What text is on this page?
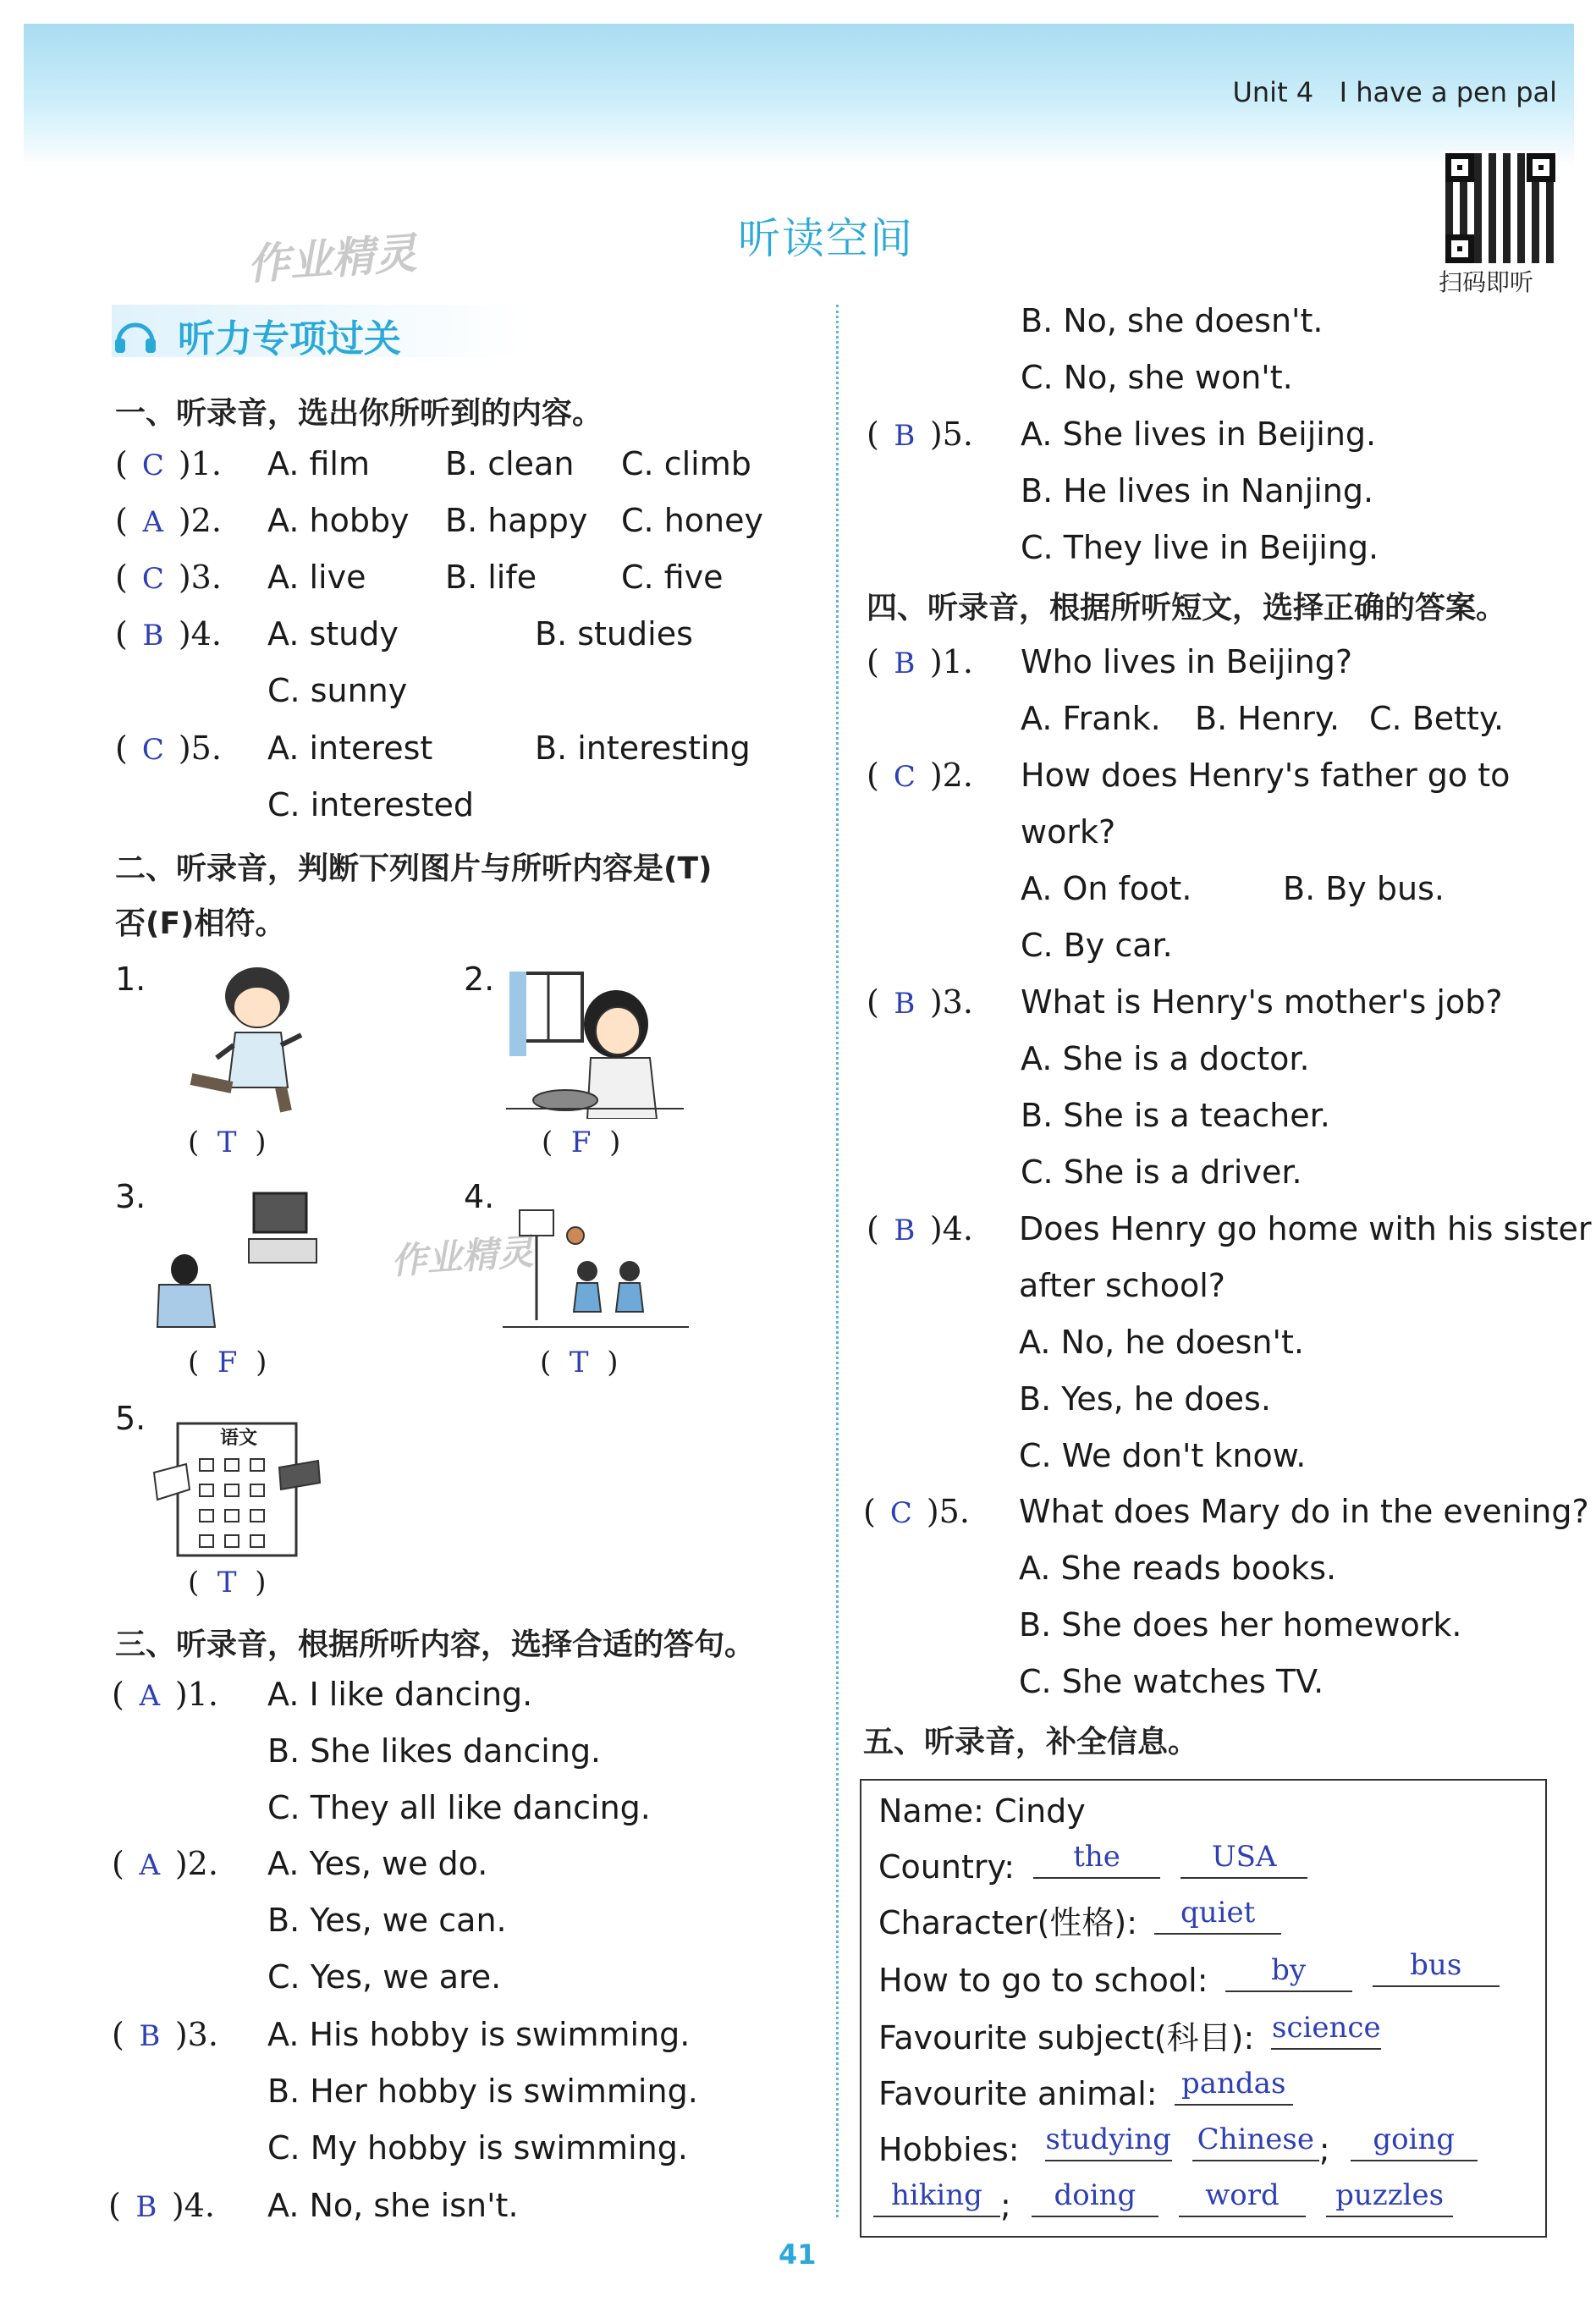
Unit 4 I have a pen pal
扫码即听
作业精灵
作业精灵
听读空间
听力专项过关
一、听录音，选出你所听到的内容。
( C )1. A. film B. clean C. climb
( A )2. A. hobby B. happy C. honey
( C )3. A. live B. life	C. five
( B )4. A. study	B. studies
C. sunny
( C )5. A. interest	B. interesting
C. interested
二、听录音，判断下列图片与所听内容是(T)
否(F)相符。
1.
(  T  )
2.
(  F  )
3.
(  F  )
4.
(  T  )
5.
语文
(  T  )
三、听录音，根据所听内容，选择合适的答句。
( A )1. A. I like dancing.
B. She likes dancing.
C. They all like dancing.
( A )2. A. Yes, we do.
B. Yes, we can.
C. Yes, we are.
( B )3. A. His hobby is swimming.
B. Her hobby is swimming.
C. My hobby is swimming.
( B )4. A. No, she isn't.
B. No, she doesn't.
C. No, she won't.
( B )5. A. She lives in Beijing.
B. He lives in Nanjing.
C. They live in Beijing.
四、听录音，根据所听短文，选择正确的答案。
( B )1. Who lives in Beijing?
A. Frank. B. Henry. C. Betty.
( C )2. How does Henry's father go to
work?
A. On foot.	B. By bus.
C. By car.
( B )3. What is Henry's mother's job?
A. She is a doctor.
B. She is a teacher.
C. She is a driver.
( B )4. Does Henry go home with his sister
after school?
A. No, he doesn't.
B. Yes, he does.
C. We don't know.
( C )5. What does Mary do in the evening?
A. She reads books.
B. She does her homework.
C. She watches TV.
五、听录音，补全信息。
Name: Cindy
Country: the	USA
Character(性格): quiet
How to go to school: by	bus
Favourite subject(科目): science
Favourite animal: pandas
Hobbies: studying Chinese ; going
hiking ; doing word puzzles
41
